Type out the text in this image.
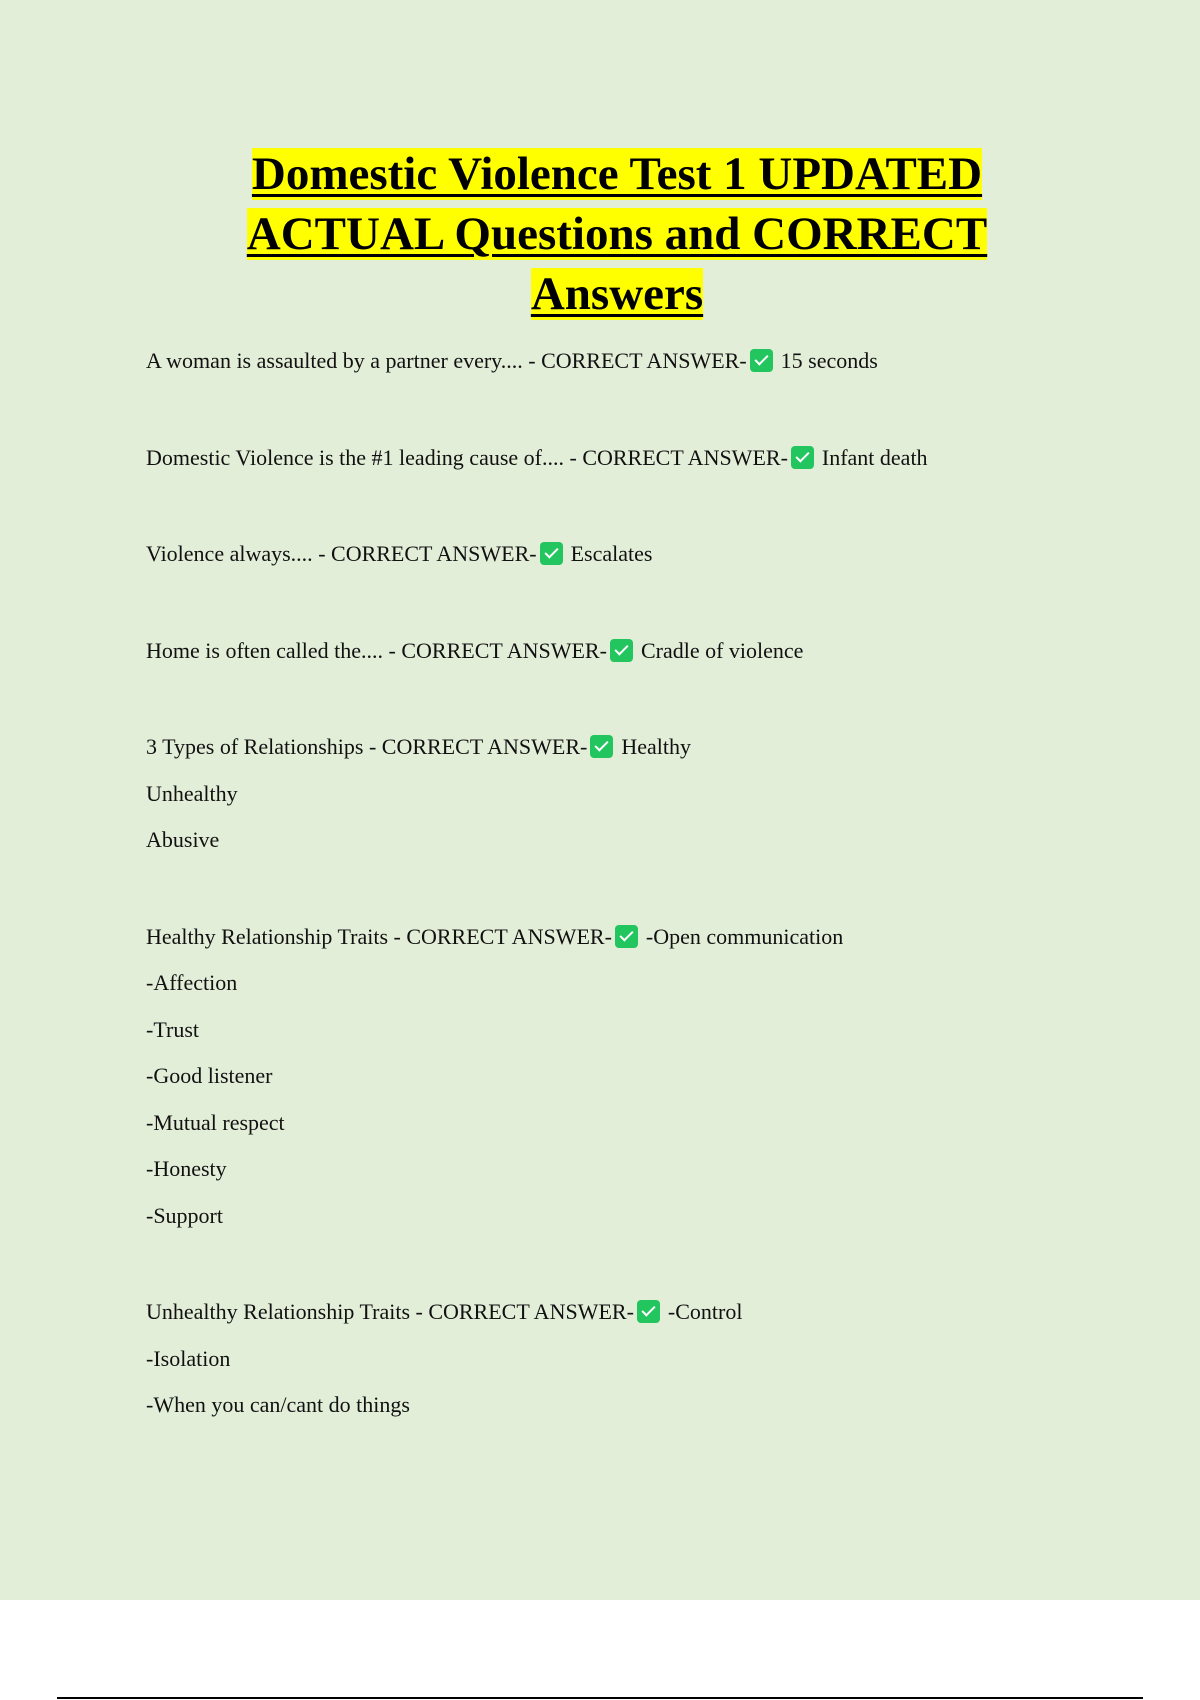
Domestic Violence Test 1 UPDATED ACTUAL Questions and CORRECT Answers
A woman is assaulted by a partner every.... - CORRECT ANSWER- 15 seconds
Domestic Violence is the #1 leading cause of.... - CORRECT ANSWER- Infant death
Violence always.... - CORRECT ANSWER- Escalates
Home is often called the.... - CORRECT ANSWER- Cradle of violence
3 Types of Relationships - CORRECT ANSWER- Healthy
Unhealthy
Abusive
Healthy Relationship Traits - CORRECT ANSWER- -Open communication
-Affection
-Trust
-Good listener
-Mutual respect
-Honesty
-Support
Unhealthy Relationship Traits - CORRECT ANSWER- -Control
-Isolation
-When you can/cant do things
